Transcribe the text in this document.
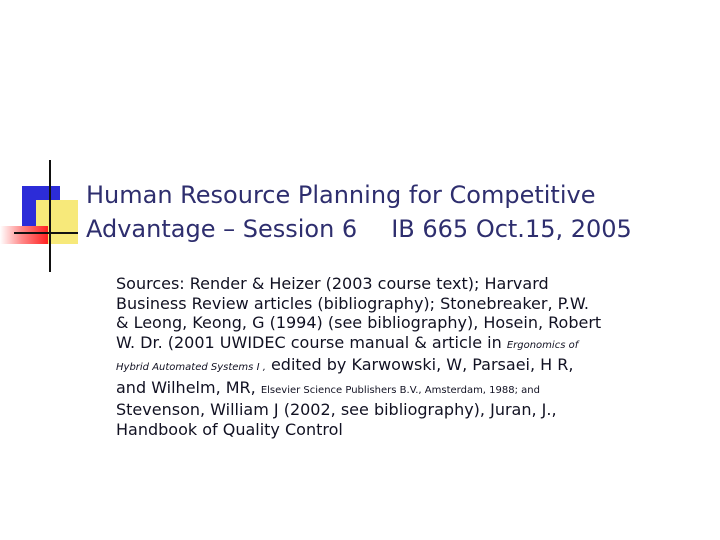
Human Resource Planning for Competitive
Advantage – Session 6 IB 665 Oct.15, 2005
Sources: Render & Heizer (2003 course text); Harvard
Business Review articles (bibliography); Stonebreaker, P.W.
& Leong, Keong, G (1994) (see bibliography), Hosein, Robert
W. Dr. (2001 UWIDEC course manual & article in Ergonomics of
Hybrid Automated Systems I , edited by Karwowski, W, Parsaei, H R,
and Wilhelm, MR, Elsevier Science Publishers B.V., Amsterdam, 1988; and
Stevenson, William J (2002, see bibliography), Juran, J.,
Handbook of Quality Control
